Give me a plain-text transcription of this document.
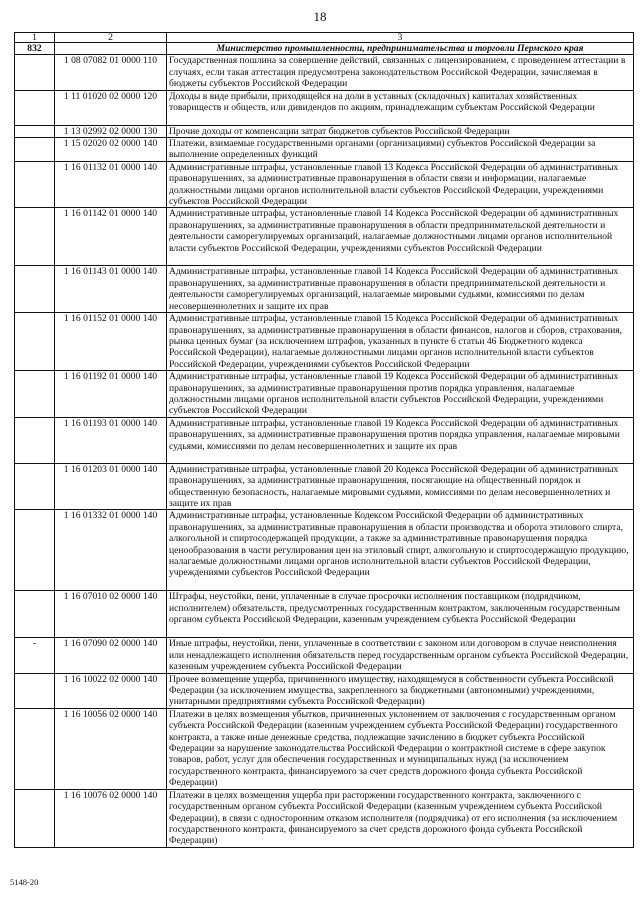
18
1	2	3
832		Министерство промышленности, предпринимательства и торговли Пермского края
	1 08 07082 01 0000 110	Государственная пошлина за совершение действий, связанных с лицензированием, с проведением аттестации в случаях, если такая аттестация предусмотрена законодательством Российской Федерации, зачисляемая в бюджеты субъектов Российской Федерации
	1 11 01020 02 0000 120	Доходы в виде прибыли, приходящейся на доли в уставных (складочных) капиталах хозяйственных товариществ и обществ, или дивидендов по акциям, принадлежащим субъектам Российской Федерации
	1 13 02992 02 0000 130	Прочие доходы от компенсации затрат бюджетов субъектов Российской Федерации
	1 15 02020 02 0000 140	Платежи, взимаемые государственными органами (организациями) субъектов Российской Федерации за выполнение определенных функций
	1 16 01132 01 0000 140	Административные штрафы, установленные главой 13 Кодекса Российской Федерации об административных правонарушениях, за административные правонарушения в области связи и информации, налагаемые должностными лицами органов исполнительной власти субъектов Российской Федерации, учреждениями субъектов Российской Федерации
	1 16 01142 01 0000 140	Административные штрафы, установленные главой 14 Кодекса Российской Федерации об административных правонарушениях, за административные правонарушения в области предпринимательской деятельности и деятельности саморегулируемых организаций, налагаемые должностными лицами органов исполнительной власти субъектов Российской Федерации, учреждениями субъектов Российской Федерации
	1 16 01143 01 0000 140	Административные штрафы, установленные главой 14 Кодекса Российской Федерации об административных правонарушениях, за административные правонарушения в области предпринимательской деятельности и деятельности саморегулируемых организаций, налагаемые мировыми судьями, комиссиями по делам несовершеннолетних и защите их прав
	1 16 01152 01 0000 140	Административные штрафы, установленные главой 15 Кодекса Российской Федерации об административных правонарушениях, за административные правонарушения в области финансов, налогов и сборов, страхования, рынка ценных бумаг (за исключением штрафов, указанных в пункте 6 статьи 46 Бюджетного кодекса Российской Федерации), налагаемые должностными лицами органов исполнительной власти субъектов Российской Федерации, учреждениями субъектов Российской Федерации
	1 16 01192 01 0000 140	Административные штрафы, установленные главой 19 Кодекса Российской Федерации об административных правонарушениях, за административные правонарушения против порядка управления, налагаемые должностными лицами органов исполнительной власти субъектов Российской Федерации, учреждениями субъектов Российской Федерации
	1 16 01193 01 0000 140	Административные штрафы, установленные главой 19 Кодекса Российской Федерации об административных правонарушениях, за административные правонарушения против порядка управления, налагаемые мировыми судьями, комиссиями по делам несовершеннолетних и защите их прав
	1 16 01203 01 0000 140	Административные штрафы, установленные главой 20 Кодекса Российской Федерации об административных правонарушениях, за административные правонарушения, посягающие на общественный порядок и общественную безопасность, налагаемые мировыми судьями, комиссиями по делам несовершеннолетних и защите их прав
	1 16 01332 01 0000 140	Административные штрафы, установленные Кодексом Российской Федерации об административных правонарушениях, за административные правонарушения в области производства и оборота этилового спирта, алкогольной и спиртосодержащей продукции, а также за административные правонарушения порядка ценообразования в части регулирования цен на этиловый спирт, алкогольную и спиртосодержащую продукцию, налагаемые должностными лицами органов исполнительной власти субъектов Российской Федерации, учреждениями субъектов Российской Федерации
	1 16 07010 02 0000 140	Штрафы, неустойки, пени, уплаченные в случае просрочки исполнения поставщиком (подрядчиком, исполнителем) обязательств, предусмотренных государственным контрактом, заключенным государственным органом субъекта Российской Федерации, казенным учреждением субъекта Российской Федерации
-	1 16 07090 02 0000 140	Иные штрафы, неустойки, пени, уплаченные в соответствии с законом или договором в случае неисполнения или ненадлежащего исполнения обязательств перед государственным органом субъекта Российской Федерации, казенным учреждением субъекта Российской Федерации
	1 16 10022 02 0000 140	Прочее возмещение ущерба, причиненного имуществу, находящемуся в собственности субъекта Российской Федерации (за исключением имущества, закрепленного за бюджетными (автономными) учреждениями, унитарными предприятиями субъекта Российской Федерации)
	1 16 10056 02 0000 140	Платежи в целях возмещения убытков, причиненных уклонением от заключения с государственным органом субъекта Российской Федерации (казенным учреждением субъекта Российской Федерации) государственного контракта, а также иные денежные средства, подлежащие зачислению в бюджет субъекта Российской Федерации за нарушение законодательства Российской Федерации о контрактной системе в сфере закупок товаров, работ, услуг для обеспечения государственных и муниципальных нужд (за исключением государственного контракта, финансируемого за счет средств дорожного фонда субъекта Российской Федерации)
	1 16 10076 02 0000 140	Платежи в целях возмещения ущерба при расторжении государственного контракта, заключенного с государственным органом субъекта Российской Федерации (казенным учреждением субъекта Российской Федерации), в связи с односторонним отказом исполнителя (подрядчика) от его исполнения (за исключением государственного контракта, финансируемого за счет средств дорожного фонда субъекта Российской Федерации)
5148-20
